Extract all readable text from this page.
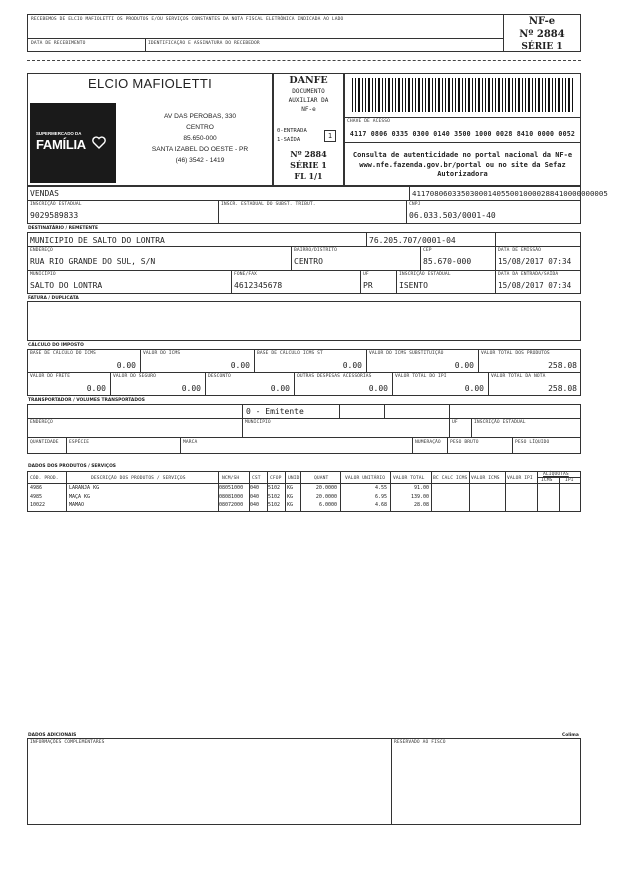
RECEBEMOS DE ELCIO MAFIOLETTI OS PRODUTOS E/OU SERVIÇOS CONSTANTES DA NOTA FISCAL ELETRÔNICA INDICADA AO LADO
DATA DE RECEBIMENTO	IDENTIFICAÇÃO E ASSINATURA DO RECEBEDOR
NF-e
Nº 2884
SÉRIE 1
ELCIO MAFIOLETTI
SUPERMERCADO DA
FAMÍLIA
AV DAS PEROBAS, 330
CENTRO
85.650-000
SANTA IZABEL DO OESTE - PR
(46) 3542 - 1419
DANFE
DOCUMENTO
AUXILIAR DA
NF-e
0-ENTRADA
1-SAÍDA	1
Nº 2884
SÉRIE 1
FL 1/1
CHAVE DE ACESSO
4117 0806 0335 0300 0140 3500 1000 0028 8410 0000 0052
Consulta de autenticidade no portal nacional da NF-e www.nfe.fazenda.gov.br/portal ou no site da Sefaz Autorizadora
VENDAS	41170806033503000140550010000288410000000005
INSCRIÇÃO ESTADUAL
9029589833
INSCR. ESTADUAL DO SUBST. TRIBUT.	CNPJ
06.033.503/0001-40
DESTINATÁRIO / REMETENTE
MUNICIPIO DE SALTO DO LONTRA	76.205.707/0001-04
ENDEREÇO
RUA RIO GRANDE DO SUL, S/N
BAIRRO/DISTRITO
CENTRO
CEP
85.670-000
DATA DE EMISSÃO
15/08/2017 07:34
MUNICÍPIO
SALTO DO LONTRA
FONE/FAX
4612345678
UF
PR
INSCRIÇÃO ESTADUAL
ISENTO
DATA DA ENTRADA/SAÍDA
15/08/2017 07:34
FATURA / DUPLICATA
CÁLCULO DO IMPOSTO
BASE DE CÁLCULO DO ICMS
0.00
VALOR DO ICMS
0.00
BASE DE CÁLCULO ICMS ST
0.00
VALOR DO ICMS SUBSTITUIÇÃO
0.00
VALOR TOTAL DOS PRODUTOS
258.08
VALOR DO FRETE
0.00
VALOR DO SEGURO
0.00
DESCONTO
0.00
OUTRAS DESPESAS ACESSÓRIAS
0.00
VALOR TOTAL DO IPI
0.00
VALOR TOTAL DA NOTA
258.08
TRANSPORTADOR / VOLUMES TRANSPORTADOS
0 - Emitente
ENDEREÇO	MUNICÍPIO	UF	INSCRIÇÃO ESTADUAL
QUANTIDADE ESPÉCIE	MARCA	NUMERAÇÃO PESO BRUTO	PESO LÍQUIDO
DADOS DOS PRODUTOS / SERVIÇOS
CÓD. PROD.	DESCRIÇÃO DOS PRODUTOS / SERVIÇOS	NCM/SH	CST CFOP UNID	QUANT	VALOR UNITÁRIO VALOR TOTAL BC CALC ICMS VALOR ICMS VALOR IPI
ALÍQUOTAS
ICMS	IPI
4986	LARANJA KG	08051000	040	5102	KG	20.0000	4.55	91.00
4985	MAÇA KG	08081000	040	5102	KG	20.0000	6.95	139.00
10022	MAMAO	08072000	040	5102	KG	6.0000	4.68	28.08
DADOS ADICIONAIS	Colima
INFORMAÇÕES COMPLEMENTARES	RESERVADO AO FISCO
